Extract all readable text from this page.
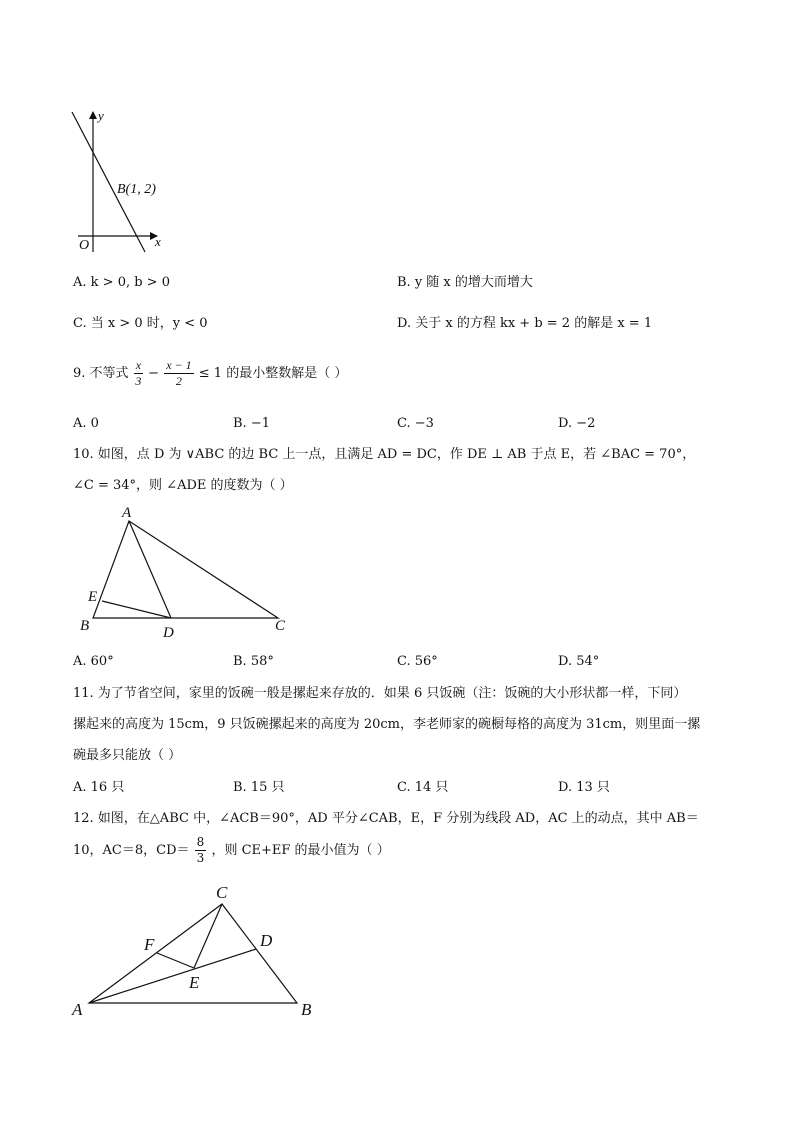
y
x
O
B(1, 2)
A. k > 0, b > 0	B. y 随 x 的增大而增大
C. 当 x > 0 时，y < 0	D. 关于 x 的方程 kx + b = 2 的解是 x = 1
9. 不等式 $\frac{x}{3} - \frac{x - 1}{2} \le 1$ 的最小整数解是（ ）
A. 0	B. −1	C. −3	D. −2
10. 如图，点 D 为 ∨ABC 的边 BC 上一点，且满足 AD = DC，作 DE ⊥ AB 于点 E，若 ∠BAC = 70°，
∠C = 34°，则 ∠ADE 的度数为（ ）
A
B	C
D
E
A. 60°	B. 58°	C. 56°	D. 54°
11. 为了节省空间，家里的饭碗一般是摞起来存放的．如果 6 只饭碗（注：饭碗的大小形状都一样，下同）
摞起来的高度为 15cm，9 只饭碗摞起来的高度为 20cm，李老师家的碗橱每格的高度为 31cm，则里面一摞
碗最多只能放（ ）
A. 16 只	B. 15 只	C. 14 只	D. 13 只
12. 如图，在△ABC 中，∠ACB＝90°，AD 平分∠CAB，E，F 分别为线段 AD，AC 上的动点，其中 AB＝
10，AC＝8，$CD= \frac{8}{3}$ ，则 CE+EF 的最小值为（ ）
A	B
C
D
E
F
